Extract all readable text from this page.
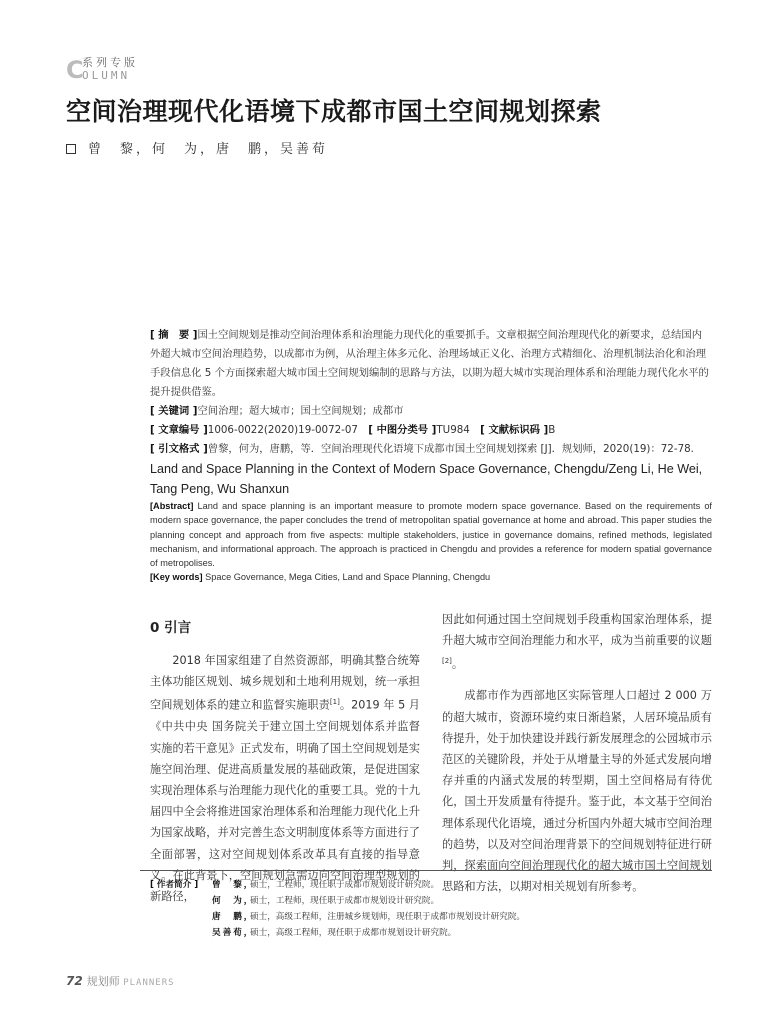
C
系列专版
OLUMN
空间治理现代化语境下成都市国土空间规划探索
曾　黎，何　为，唐　鹏，吴善荀

[ 摘　要 ]国土空间规划是推动空间治理体系和治理能力现代化的重要抓手。文章根据空间治理现代化的新要求，总结国内外超大城市空间治理趋势，以成都市为例，从治理主体多元化、治理场域正义化、治理方式精细化、治理机制法治化和治理手段信息化 5 个方面探索超大城市国土空间规划编制的思路与方法，以期为超大城市实现治理体系和治理能力现代化水平的提升提供借鉴。

[ 关键词 ]空间治理；超大城市；国土空间规划；成都市

[ 文章编号 ]1006-0022(2020)19-0072-07　 [ 中图分类号 ]TU984　 [ 文献标识码 ]B

[ 引文格式 ]曾黎，何为，唐鹏，等．空间治理现代化语境下成都市国土空间规划探索 [J]．规划师，2020(19)：72-78.

Land and Space Planning in the Context of Modern Space Governance, Chengdu/Zeng Li, He Wei, Tang Peng, Wu Shanxun

[Abstract] Land and space planning is an important measure to promote modern space governance. Based on the requirements of modern space governance, the paper concludes the trend of metropolitan spatial governance at home and abroad. This paper studies the planning concept and approach from five aspects: multiple stakeholders, justice in governance domains, refined methods, legislated mechanism, and informational approach. The approach is practiced in Chengdu and provides a reference for modern spatial governance of metropolises.

[Key words] Space Governance, Mega Cities, Land and Space Planning, Chengdu

0 引言

2018 年国家组建了自然资源部，明确其整合统筹主体功能区规划、城乡规划和土地利用规划，统一承担空间规划体系的建立和监督实施职责[1]。2019 年 5 月《中共中央 国务院关于建立国土空间规划体系并监督实施的若干意见》正式发布，明确了国土空间规划是实施空间治理、促进高质量发展的基础政策，是促进国家实现治理体系与治理能力现代化的重要工具。党的十九届四中全会将推进国家治理体系和治理能力现代化上升为国家战略，并对完善生态文明制度体系等方面进行了全面部署，这对空间规划体系改革具有直接的指导意义。在此背景下，空间规划急需迈向空间治理型规划的新路径，

因此如何通过国土空间规划手段重构国家治理体系，提升超大城市空间治理能力和水平，成为当前重要的议题[2]。

成都市作为西部地区实际管理人口超过 2 000 万的超大城市，资源环境约束日渐趋紧，人居环境品质有待提升，处于加快建设并践行新发展理念的公园城市示范区的关键阶段，并处于从增量主导的外延式发展向增存并重的内涵式发展的转型期，国土空间格局有待优化，国土开发质量有待提升。鉴于此，本文基于空间治理体系现代化语境，通过分析国内外超大城市空间治理的趋势，以及对空间治理背景下的空间规划特征进行研判，探索面向空间治理现代化的超大城市国土空间规划思路和方法，以期对相关规划有所参考。

[ 作者简介 ] 曾　黎，
硕士，工程师，现任职于成都市规划设计研究院。
何　为，
硕士，工程师，现任职于成都市规划设计研究院。
唐　鹏，
硕士，高级工程师，注册城乡规划师，现任职于成都市规划设计研究院。
吴善荀，
硕士，高级工程师，现任职于成都市规划设计研究院。
72 规划师 PLANNERS
